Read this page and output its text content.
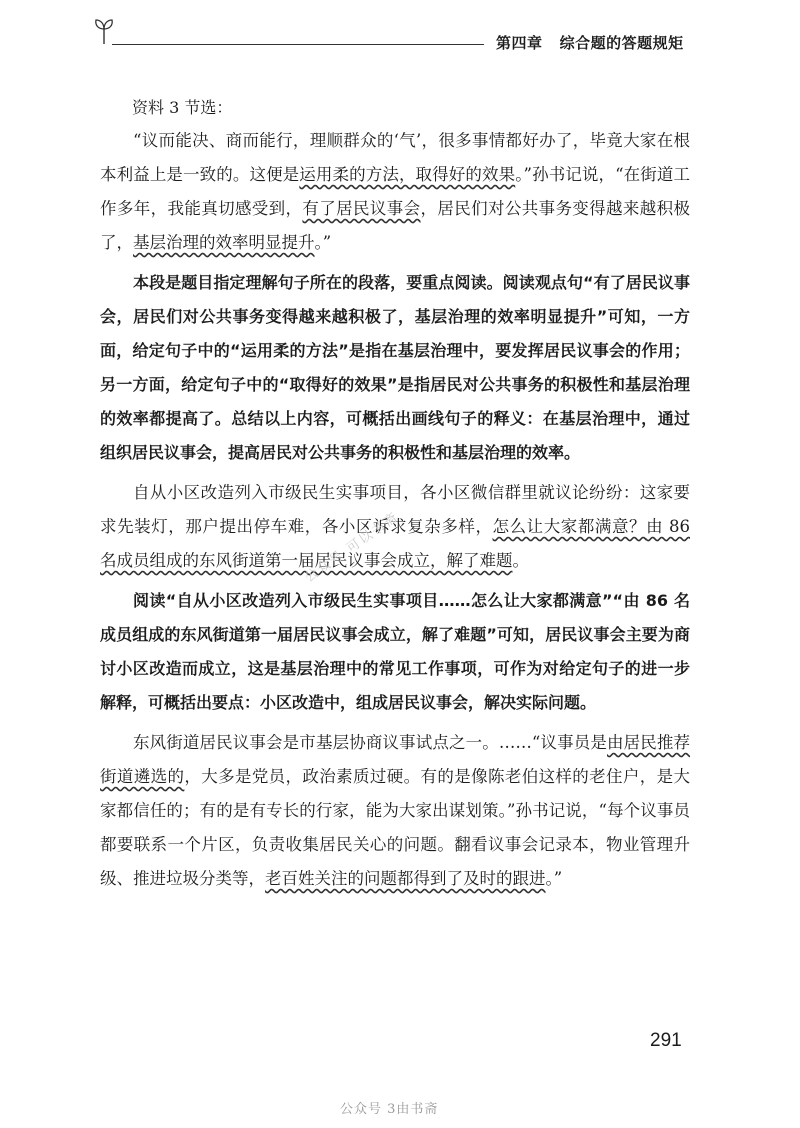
第四章   综合题的答题规矩
资料 3 节选：

“议而能决、商而能行，理顺群众的‘气’，很多事情都好办了，毕竟大家在根本利益上是一致的。这便是运用柔的方法，取得好的效果。”孙书记说，“在街道工作多年，我能真切感受到，有了居民议事会，居民们对公共事务变得越来越积极了，基层治理的效率明显提升。”

本段是题目指定理解句子所在的段落，要重点阅读。阅读观点句“有了居民议事会，居民们对公共事务变得越来越积极了，基层治理的效率明显提升”可知，一方面，给定句子中的“运用柔的方法”是指在基层治理中，要发挥居民议事会的作用；另一方面，给定句子中的“取得好的效果”是指居民对公共事务的积极性和基层治理的效率都提高了。总结以上内容，可概括出画线句子的释义：在基层治理中，通过组织居民议事会，提高居民对公共事务的积极性和基层治理的效率。

自从小区改造列入市级民生实事项目，各小区微信群里就议论纷纷：这家要求先装灯，那户提出停车难，各小区诉求复杂多样，怎么让大家都满意？由 86 名成员组成的东风街道第一届居民议事会成立，解了难题。

阅读“自从小区改造列入市级民生实事项目……怎么让大家都满意”“由 86 名成员组成的东风街道第一届居民议事会成立，解了难题”可知，居民议事会主要为商讨小区改造而成立，这是基层治理中的常见工作事项，可作为对给定句子的进一步解释，可概括出要点：小区改造中，组成居民议事会，解决实际问题。

东风街道居民议事会是市基层协商议事试点之一。……“议事员是由居民推荐街道遴选的，大多是党员，政治素质过硬。有的是像陈老伯这样的老住户，是大家都信任的；有的是有专长的行家，能为大家出谋划策。”孙书记说，“每个议事员都要联系一个片区，负责收集居民关心的问题。翻看议事会记录本，物业管理升级、推进垃圾分类等，老百姓关注的问题都得到了及时的跟进。”

公众号 可以书斋
291
公众号 3由书斋
